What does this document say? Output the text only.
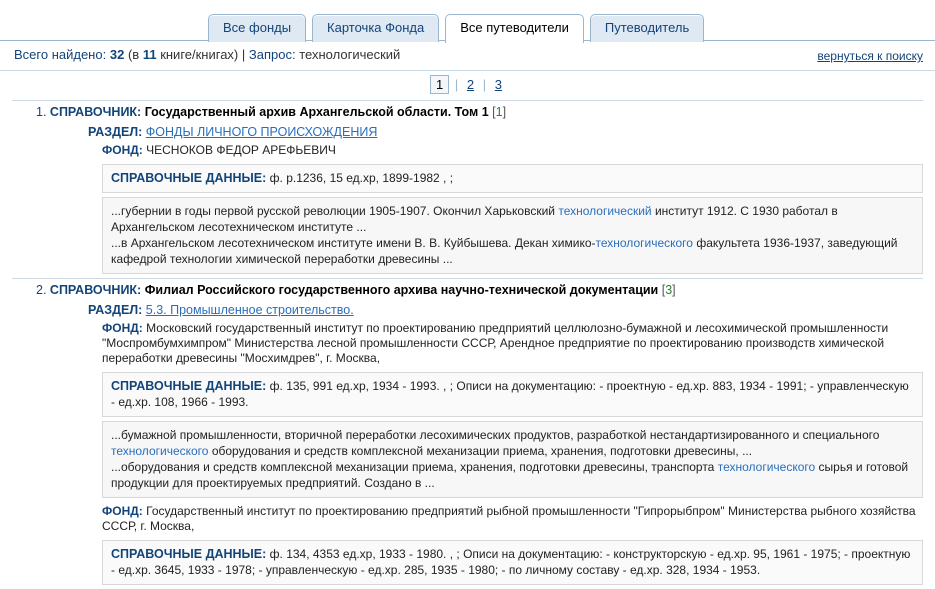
Все фонды	Карточка Фонда	Все путеводители	Путеводитель
Всего найдено: 32 (в 11 книге/книгах) | Запрос: технологический	вернуться к поиску
1 | 2 | 3
1. СПРАВОЧНИК: Государственный архив Архангельской области. Том 1 [1]
РАЗДЕЛ: ФОНДЫ ЛИЧНОГО ПРОИСХОЖДЕНИЯ
ФОНД: ЧЕСНОКОВ ФЕДОР АРЕФЬЕВИЧ
СПРАВОЧНЫЕ ДАННЫЕ: ф. р.1236, 15 ед.хр, 1899-1982 , ;
...губернии в годы первой русской революции 1905-1907. Окончил Харьковский технологический институт 1912. С 1930 работал в Архангельском лесотехническом институте ...
...в Архангельском лесотехническом институте имени В. В. Куйбышева. Декан химико-технологического факультета 1936-1937, заведующий кафедрой технологии химической переработки древесины ...
2. СПРАВОЧНИК: Филиал Российского государственного архива научно-технической документации [3]
РАЗДЕЛ: 5.3. Промышленное строительство.
ФОНД: Московский государственный институт по проектированию предприятий целлюлозно-бумажной и лесохимической промышленности "Моспромбумхимпром" Министерства лесной промышленности СССР, Арендное предприятие по проектированию производств химической переработки древесины "Мосхимдрев", г. Москва,
СПРАВОЧНЫЕ ДАННЫЕ: ф. 135, 991 ед.хр, 1934 - 1993. , ; Описи на документацию: - проектную - ед.хр. 883, 1934 - 1991; - управленческую - ед.хр. 108, 1966 - 1993.
...бумажной промышленности, вторичной переработки лесохимических продуктов, разработкой нестандартизированного и специального технологического оборудования и средств комплексной механизации приема, хранения, подготовки древесины, ...
...оборудования и средств комплексной механизации приема, хранения, подготовки древесины, транспорта технологического сырья и готовой продукции для проектируемых предприятий. Создано в ...
ФОНД: Государственный институт по проектированию предприятий рыбной промышленности "Гипрорыбпром" Министерства рыбного хозяйства СССР, г. Москва,
СПРАВОЧНЫЕ ДАННЫЕ: ф. 134, 4353 ед.хр, 1933 - 1980. , ; Описи на документацию: - конструкторскую - ед.хр. 95, 1961 - 1975; - проектную - ед.хр. 3645, 1933 - 1978; - управленческую - ед.хр. 285, 1935 - 1980; - по личному составу - ед.хр. 328, 1934 - 1953.
